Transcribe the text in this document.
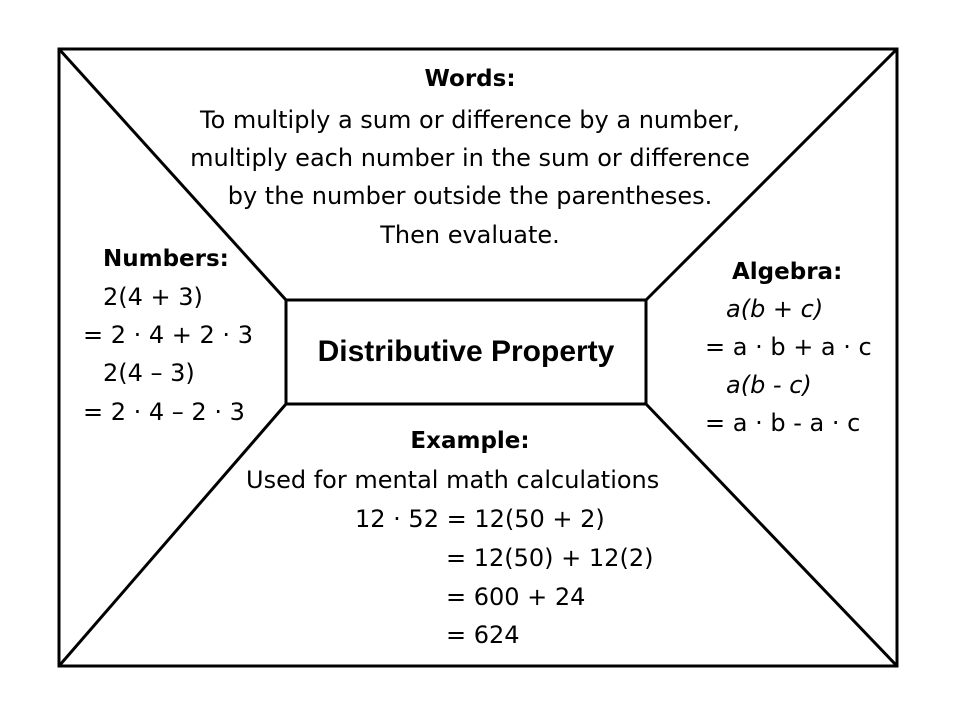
Distributive Property
Words:
To multiply a sum or difference by a number,
multiply each number in the sum or difference
by the number outside the parentheses.
Then evaluate.
Numbers:
2(4 + 3)
= 2 · 4 + 2 · 3
2(4 – 3)
= 2 · 4 – 2 · 3
Algebra:
a(b + c)
= a · b + a · c
a(b - c)
= a · b - a · c
Example:
Used for mental math calculations
12 · 52 = 12(50 + 2)
= 12(50) + 12(2)
= 600 + 24
= 624
